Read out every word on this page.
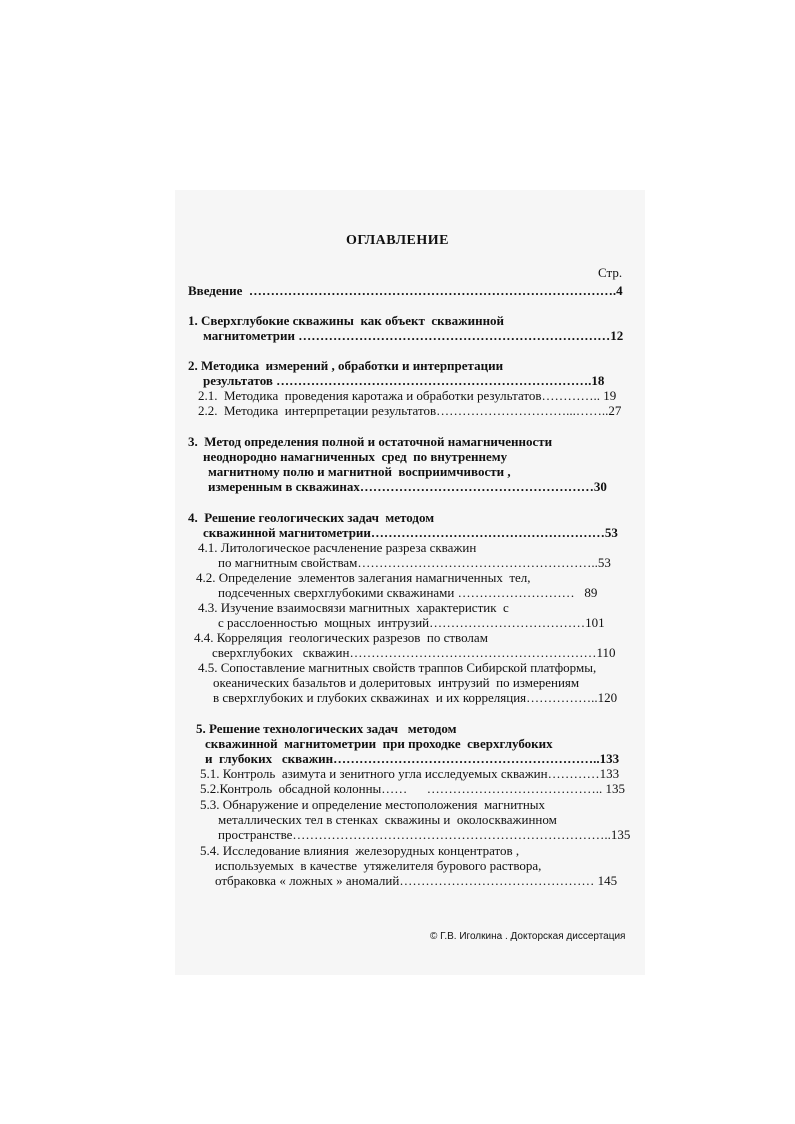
ОГЛАВЛЕНИЕ
Стр.
Введение  ………………………………………………………………………….4
1. Сверхглубокие скважины  как объект  скважинной
магнитометрии ………………………………………………………………12
2. Методика  измерений , обработки и интерпретации
результатов ……………………………………………………………….18
2.1.  Методика  проведения каротажа и обработки результатов………….. 19
2.2.  Методика  интерпретации результатов…………………………...……..27
3.  Метод определения полной и остаточной намагниченности
неоднородно намагниченных  сред  по внутреннему
магнитному полю и магнитной  восприимчивости ,
измеренным в скважинах………………………………………………30
4.  Решение геологических задач  методом
скважинной магнитометрии………………………………………………53
4.1. Литологическое расчленение разреза скважин
по магнитным свойствам………………………………………………..53
4.2. Определение  элементов залегания намагниченных  тел,
подсеченных сверхглубокими скважинами ………………………   89
4.3. Изучение взаимосвязи магнитных  характеристик  с
с расслоенностью  мощных  интрузий………………………………101
4.4. Корреляция  геологических разрезов  по стволам
сверхглубоких   скважин…………………………………………………110
4.5. Сопоставление магнитных свойств траппов Сибирской платформы,
океанических базальтов и долеритовых  интрузий  по измерениям
в сверхглубоких и глубоких скважинах  и их корреляция……………..120
5. Решение технологических задач   методом
скважинной  магнитометрии  при проходке  сверхглубоких
и  глубоких   скважин……………………………………………………..133
5.1. Контроль  азимута и зенитного угла исследуемых скважин…………133
5.2.Контроль  обсадной колонны……      ………………………………….. 135
5.3. Обнаружение и определение местоположения  магнитных
металлических тел в стенках  скважины и  околоскважинном
пространстве………………………………………………………………..135
5.4. Исследование влияния  железорудных концентратов ,
используемых  в качестве  утяжелителя бурового раствора,
отбраковка « ложных » аномалий……………………………………… 145
© Г.В. Иголкина . Докторская диссертация
